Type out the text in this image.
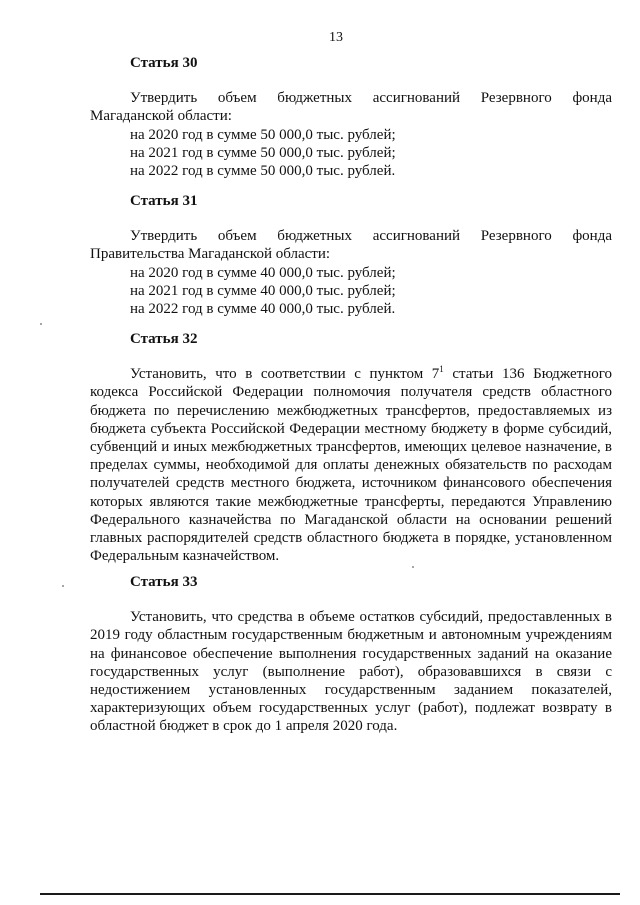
13
Статья 30

Утвердить объем бюджетных ассигнований Резервного фонда Магаданской области:

на 2020 год в сумме 50 000,0 тыс. рублей;
на 2021 год в сумме 50 000,0 тыс. рублей;
на 2022 год в сумме 50 000,0 тыс. рублей.
Статья 31

Утвердить объем бюджетных ассигнований Резервного фонда Правительства Магаданской области:

на 2020 год в сумме 40 000,0 тыс. рублей;
на 2021 год в сумме 40 000,0 тыс. рублей;
на 2022 год в сумме 40 000,0 тыс. рублей.
Статья 32

Установить, что в соответствии с пунктом $7^1$ статьи 136 Бюджетного кодекса Российской Федерации полномочия получателя средств областного бюджета по перечислению межбюджетных трансфертов, предоставляемых из бюджета субъекта Российской Федерации местному бюджету в форме субсидий, субвенций и иных межбюджетных трансфертов, имеющих целевое назначение, в пределах суммы, необходимой для оплаты денежных обязательств по расходам получателей средств местного бюджета, источником финансового обеспечения которых являются такие межбюджетные трансферты, передаются Управлению Федерального казначейства по Магаданской области на основании решений главных распорядителей средств областного бюджета в порядке, установленном Федеральным казначейством.

Статья 33

Установить, что средства в объеме остатков субсидий, предоставленных в 2019 году областным государственным бюджетным и автономным учреждениям на финансовое обеспечение выполнения государственных заданий на оказание государственных услуг (выполнение работ), образовавшихся в связи с недостижением установленных государственным заданием показателей, характеризующих объем государственных услуг (работ), подлежат возврату в областной бюджет в срок до 1 апреля 2020 года.
